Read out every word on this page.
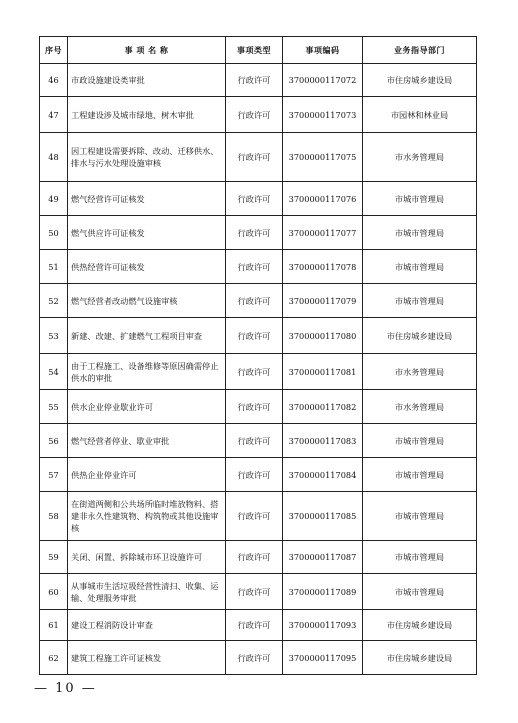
序号	事 项 名 称	事项类型	事项编码	业务指导部门
46	市政设施建设类审批	行政许可	3700000117072	市住房城乡建设局
47	工程建设涉及城市绿地、树木审批	行政许可	3700000117073	市园林和林业局
48	因工程建设需要拆除、改动、迁移供水、排水与污水处理设施审核	行政许可	3700000117075	市水务管理局
49	燃气经营许可证核发	行政许可	3700000117076	市城市管理局
50	燃气供应许可证核发	行政许可	3700000117077	市城市管理局
51	供热经营许可证核发	行政许可	3700000117078	市城市管理局
52	燃气经营者改动燃气设施审核	行政许可	3700000117079	市城市管理局
53	新建、改建、扩建燃气工程项目审查	行政许可	3700000117080	市住房城乡建设局
54	由于工程施工、设备维修等原因确需停止供水的审批	行政许可	3700000117081	市水务管理局
55	供水企业停业歇业许可	行政许可	3700000117082	市水务管理局
56	燃气经营者停业、歇业审批	行政许可	3700000117083	市城市管理局
57	供热企业停业许可	行政许可	3700000117084	市城市管理局
58	在街道两侧和公共场所临时堆放物料、搭建非永久性建筑物、构筑物或其他设施审核	行政许可	3700000117085	市城市管理局
59	关闭、闲置、拆除城市环卫设施许可	行政许可	3700000117087	市城市管理局
60	从事城市生活垃圾经营性清扫、收集、运输、处理服务审批	行政许可	3700000117089	市城市管理局
61	建设工程消防设计审查	行政许可	3700000117093	市住房城乡建设局
62	建筑工程施工许可证核发	行政许可	3700000117095	市住房城乡建设局
— 10 —
